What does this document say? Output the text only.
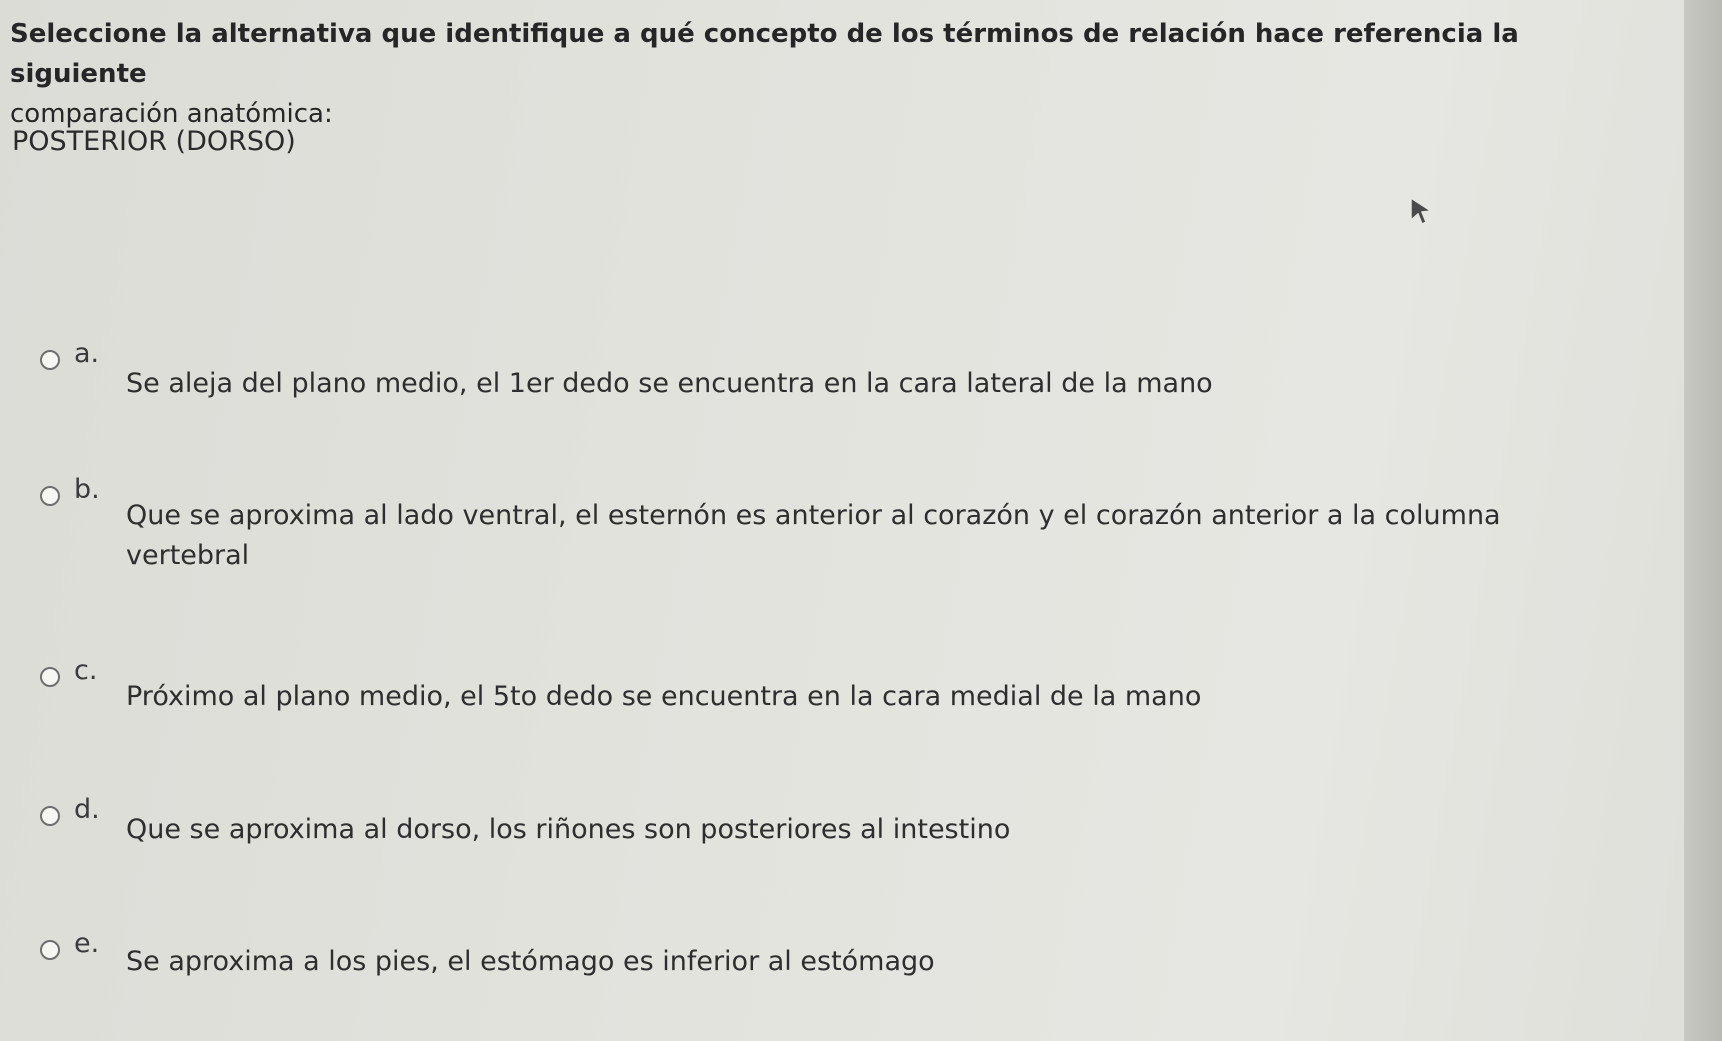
Seleccione la alternativa que identifique a qué concepto de los términos de relación hace referencia la siguiente
comparación anatómica:
POSTERIOR (DORSO)
a.
Se aleja del plano medio, el 1er dedo se encuentra en la cara lateral de la mano
b.
Que se aproxima al lado ventral, el esternón es anterior al corazón y el corazón anterior a la columna vertebral
c.
Próximo al plano medio, el 5to dedo se encuentra en la cara medial de la mano
d.
Que se aproxima al dorso, los riñones son posteriores al intestino
e.
Se aproxima a los pies, el estómago es inferior al estómago
